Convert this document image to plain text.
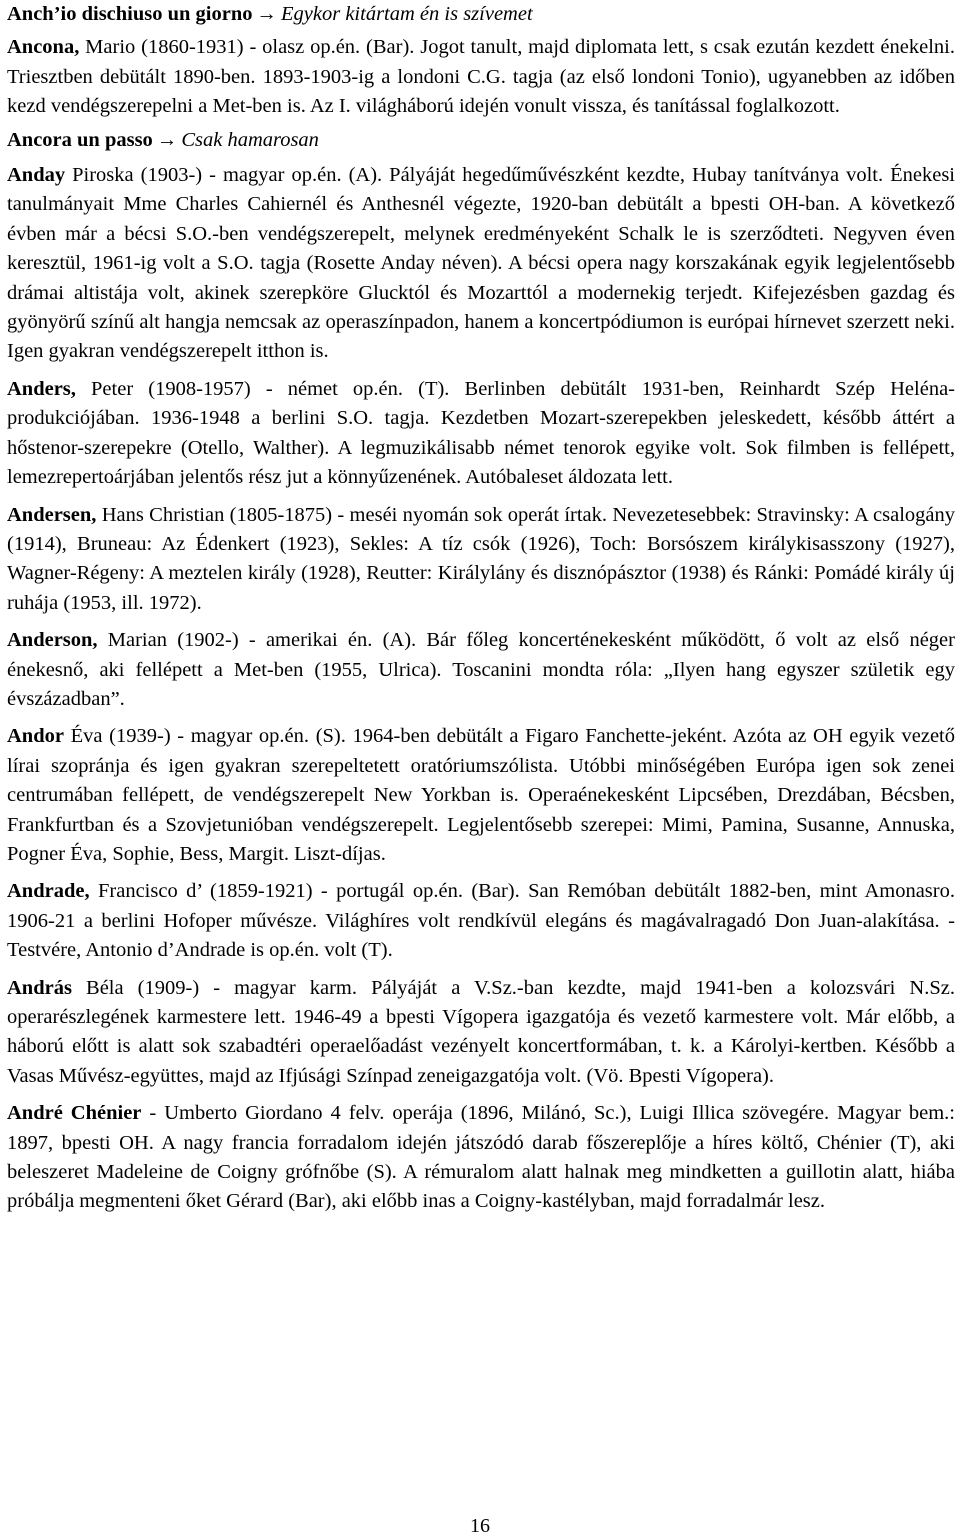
Anch’io dischiuso un giorno → Egykor kitártam én is szívemet

Ancona, Mario (1860-1931) - olasz op.én. (Bar). Jogot tanult, majd diplomata lett, s csak ezután kezdett énekelni. Triesztben debütált 1890-ben. 1893-1903-ig a londoni C.G. tagja (az első londoni Tonio), ugyanebben az időben kezd vendégszerepelni a Met-ben is. Az I. világháború idején vonult vissza, és tanítással foglalkozott.

Ancora un passo → Csak hamarosan

Anday Piroska (1903-) - magyar op.én. (A). Pályáját hegedűművészként kezdte, Hubay tanítványa volt. Énekesi tanulmányait Mme Charles Cahiernél és Anthesnél végezte, 1920-ban debütált a bpesti OH-ban. A következő évben már a bécsi S.O.-ben vendégszerepelt, melynek eredményeként Schalk le is szerződteti. Negyven éven keresztül, 1961-ig volt a S.O. tagja (Rosette Anday néven). A bécsi opera nagy korszakának egyik legjelentősebb drámai altistája volt, akinek szerepköre Glucktól és Mozarttól a modernekig terjedt. Kifejezésben gazdag és gyönyörű színű alt hangja nemcsak az operaszínpadon, hanem a koncertpódiumon is európai hírnevet szerzett neki. Igen gyakran vendégszerepelt itthon is.

Anders, Peter (1908-1957) - német op.én. (T). Berlinben debütált 1931-ben, Reinhardt Szép Heléna-produkciójában. 1936-1948 a berlini S.O. tagja. Kezdetben Mozart-szerepekben jeleskedett, később áttért a hőstenor-szerepekre (Otello, Walther). A legmuzikálisabb német tenorok egyike volt. Sok filmben is fellépett, lemezrepertoárjában jelentős rész jut a könnyűzenének. Autóbaleset áldozata lett.

Andersen, Hans Christian (1805-1875) - meséi nyomán sok operát írtak. Nevezetesebbek: Stravinsky: A csalogány (1914), Bruneau: Az Édenkert (1923), Sekles: A tíz csók (1926), Toch: Borsószem királykisasszony (1927), Wagner-Régeny: A meztelen király (1928), Reutter: Királylány és disznópásztor (1938) és Ránki: Pomádé király új ruhája (1953, ill. 1972).

Anderson, Marian (1902-) - amerikai én. (A). Bár főleg koncerténekesként működött, ő volt az első néger énekesnő, aki fellépett a Met-ben (1955, Ulrica). Toscanini mondta róla: „Ilyen hang egyszer születik egy évszázadban”.

Andor Éva (1939-) - magyar op.én. (S). 1964-ben debütált a Figaro Fanchette-jeként. Azóta az OH egyik vezető lírai szopránja és igen gyakran szerepeltetett oratóriumszólista. Utóbbi minőségében Európa igen sok zenei centrumában fellépett, de vendégszerepelt New Yorkban is. Operaénekesként Lipcsében, Drezdában, Bécsben, Frankfurtban és a Szovjetunióban vendégszerepelt. Legjelentősebb szerepei: Mimi, Pamina, Susanne, Annuska, Pogner Éva, Sophie, Bess, Margit. Liszt-díjas.

Andrade, Francisco d’ (1859-1921) - portugál op.én. (Bar). San Remóban debütált 1882-ben, mint Amonasro. 1906-21 a berlini Hofoper művésze. Világhíres volt rendkívül elegáns és magávalragadó Don Juan-alakítása. - Testvére, Antonio d’Andrade is op.én. volt (T).

András Béla (1909-) - magyar karm. Pályáját a V.Sz.-ban kezdte, majd 1941-ben a kolozsvári N.Sz. operarészlegének karmestere lett. 1946-49 a bpesti Vígopera igazgatója és vezető karmestere volt. Már előbb, a háború előtt is alatt sok szabadtéri operaelőadást vezényelt koncertformában, t. k. a Károlyi-kertben. Később a Vasas Művész-együttes, majd az Ifjúsági Színpad zeneigazgatója volt. (Vö. Bpesti Vígopera).

André Chénier - Umberto Giordano 4 felv. operája (1896, Milánó, Sc.), Luigi Illica szövegére. Magyar bem.: 1897, bpesti OH. A nagy francia forradalom idején játszódó darab főszereplője a híres költő, Chénier (T), aki beleszeret Madeleine de Coigny grófnőbe (S). A rémuralom alatt halnak meg mindketten a guillotin alatt, hiába próbálja megmenteni őket Gérard (Bar), aki előbb inas a Coigny-kastélyban, majd forradalmár lesz.

16
